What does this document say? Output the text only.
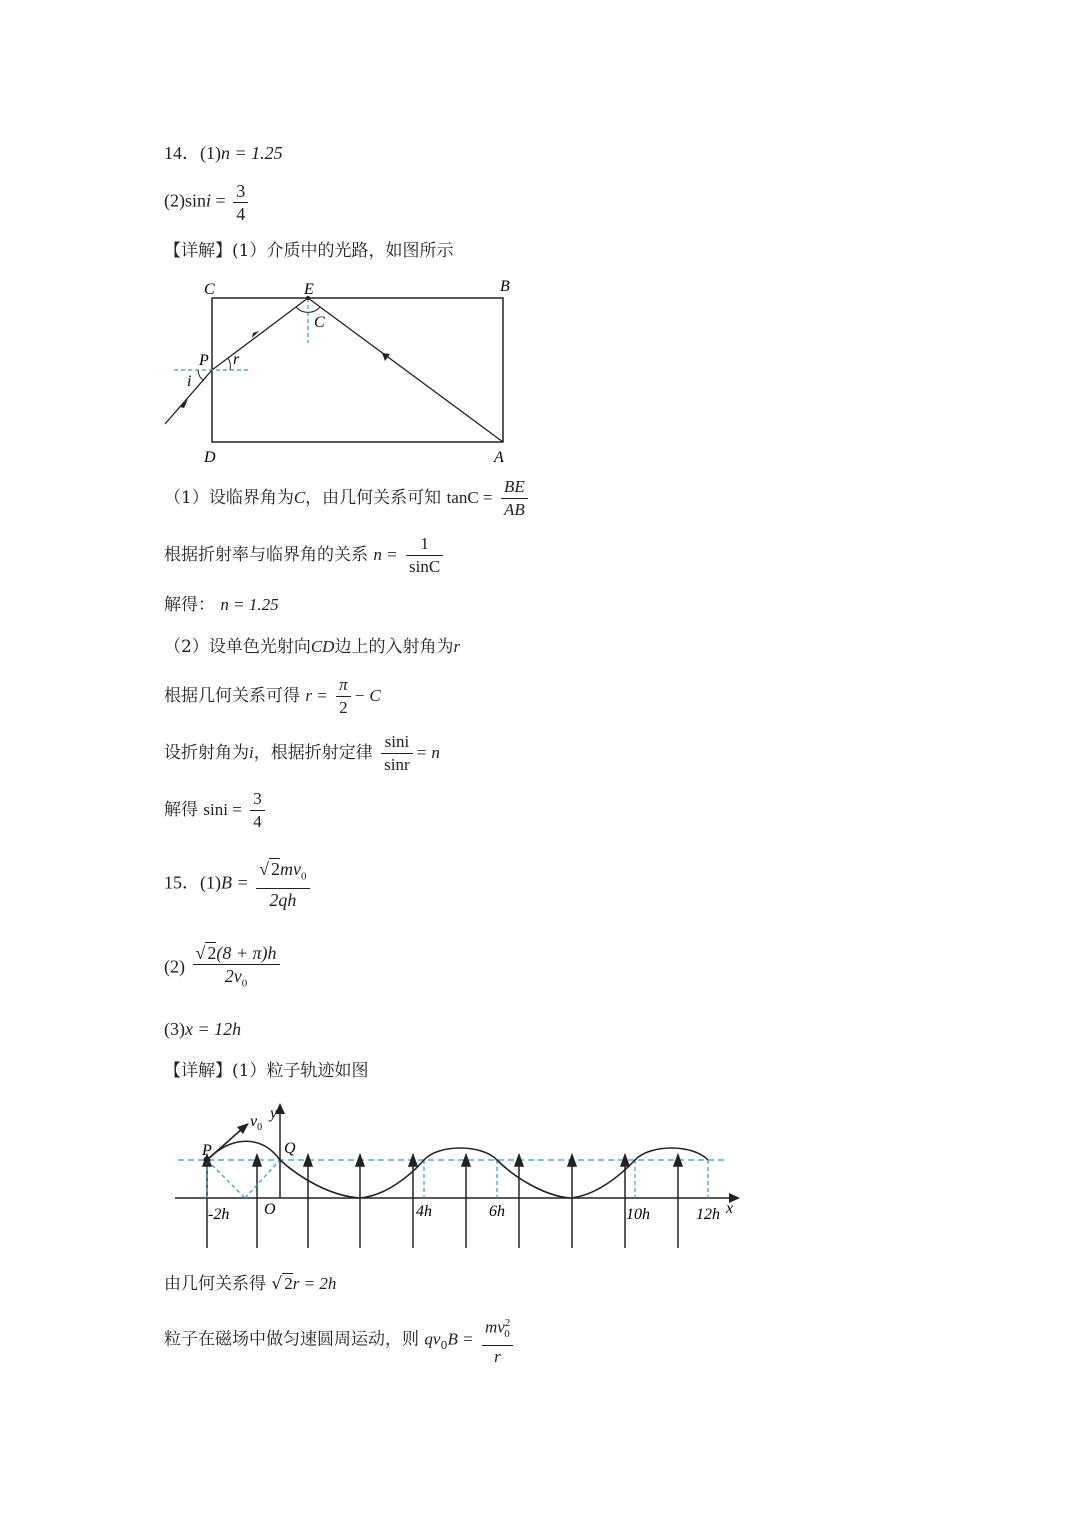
14．(1)n = 1.25
$(2)\sin i = \frac{3}{4}$
【详解】(1）介质中的光路，如图所示
C	B
E
C
P r
i
D	A
（1）设临界角为C，由几何关系可知 $\tan C = \frac{BE}{AB}$
根据折射率与临界角的关系 $n = \frac{1}{\sin C}$
解得： n = 1.25
（2）设单色光射向CD边上的入射角为r
根据几何关系可得 $r = \frac{\pi}{2} - C$
设折射角为i，根据折射定律 $\frac{\sin i}{\sin r} = n$
解得 $\sin i = \frac{3}{4}$
15．$(1)B = \frac{√ 2mv_0}{2qh}$
$(2) \frac{√ 2(8 + \pi)h}{2v_0}$
(3)x = 12h
【详解】(1）粒子轨迹如图
$v_0$
y
P	Q
O
-2h	4h	6h	10h	12h x
由几何关系得 √ 2r = 2h
粒子在磁场中做匀速圆周运动，则 $qv_0B = \frac{mv^2_0}{r}$
